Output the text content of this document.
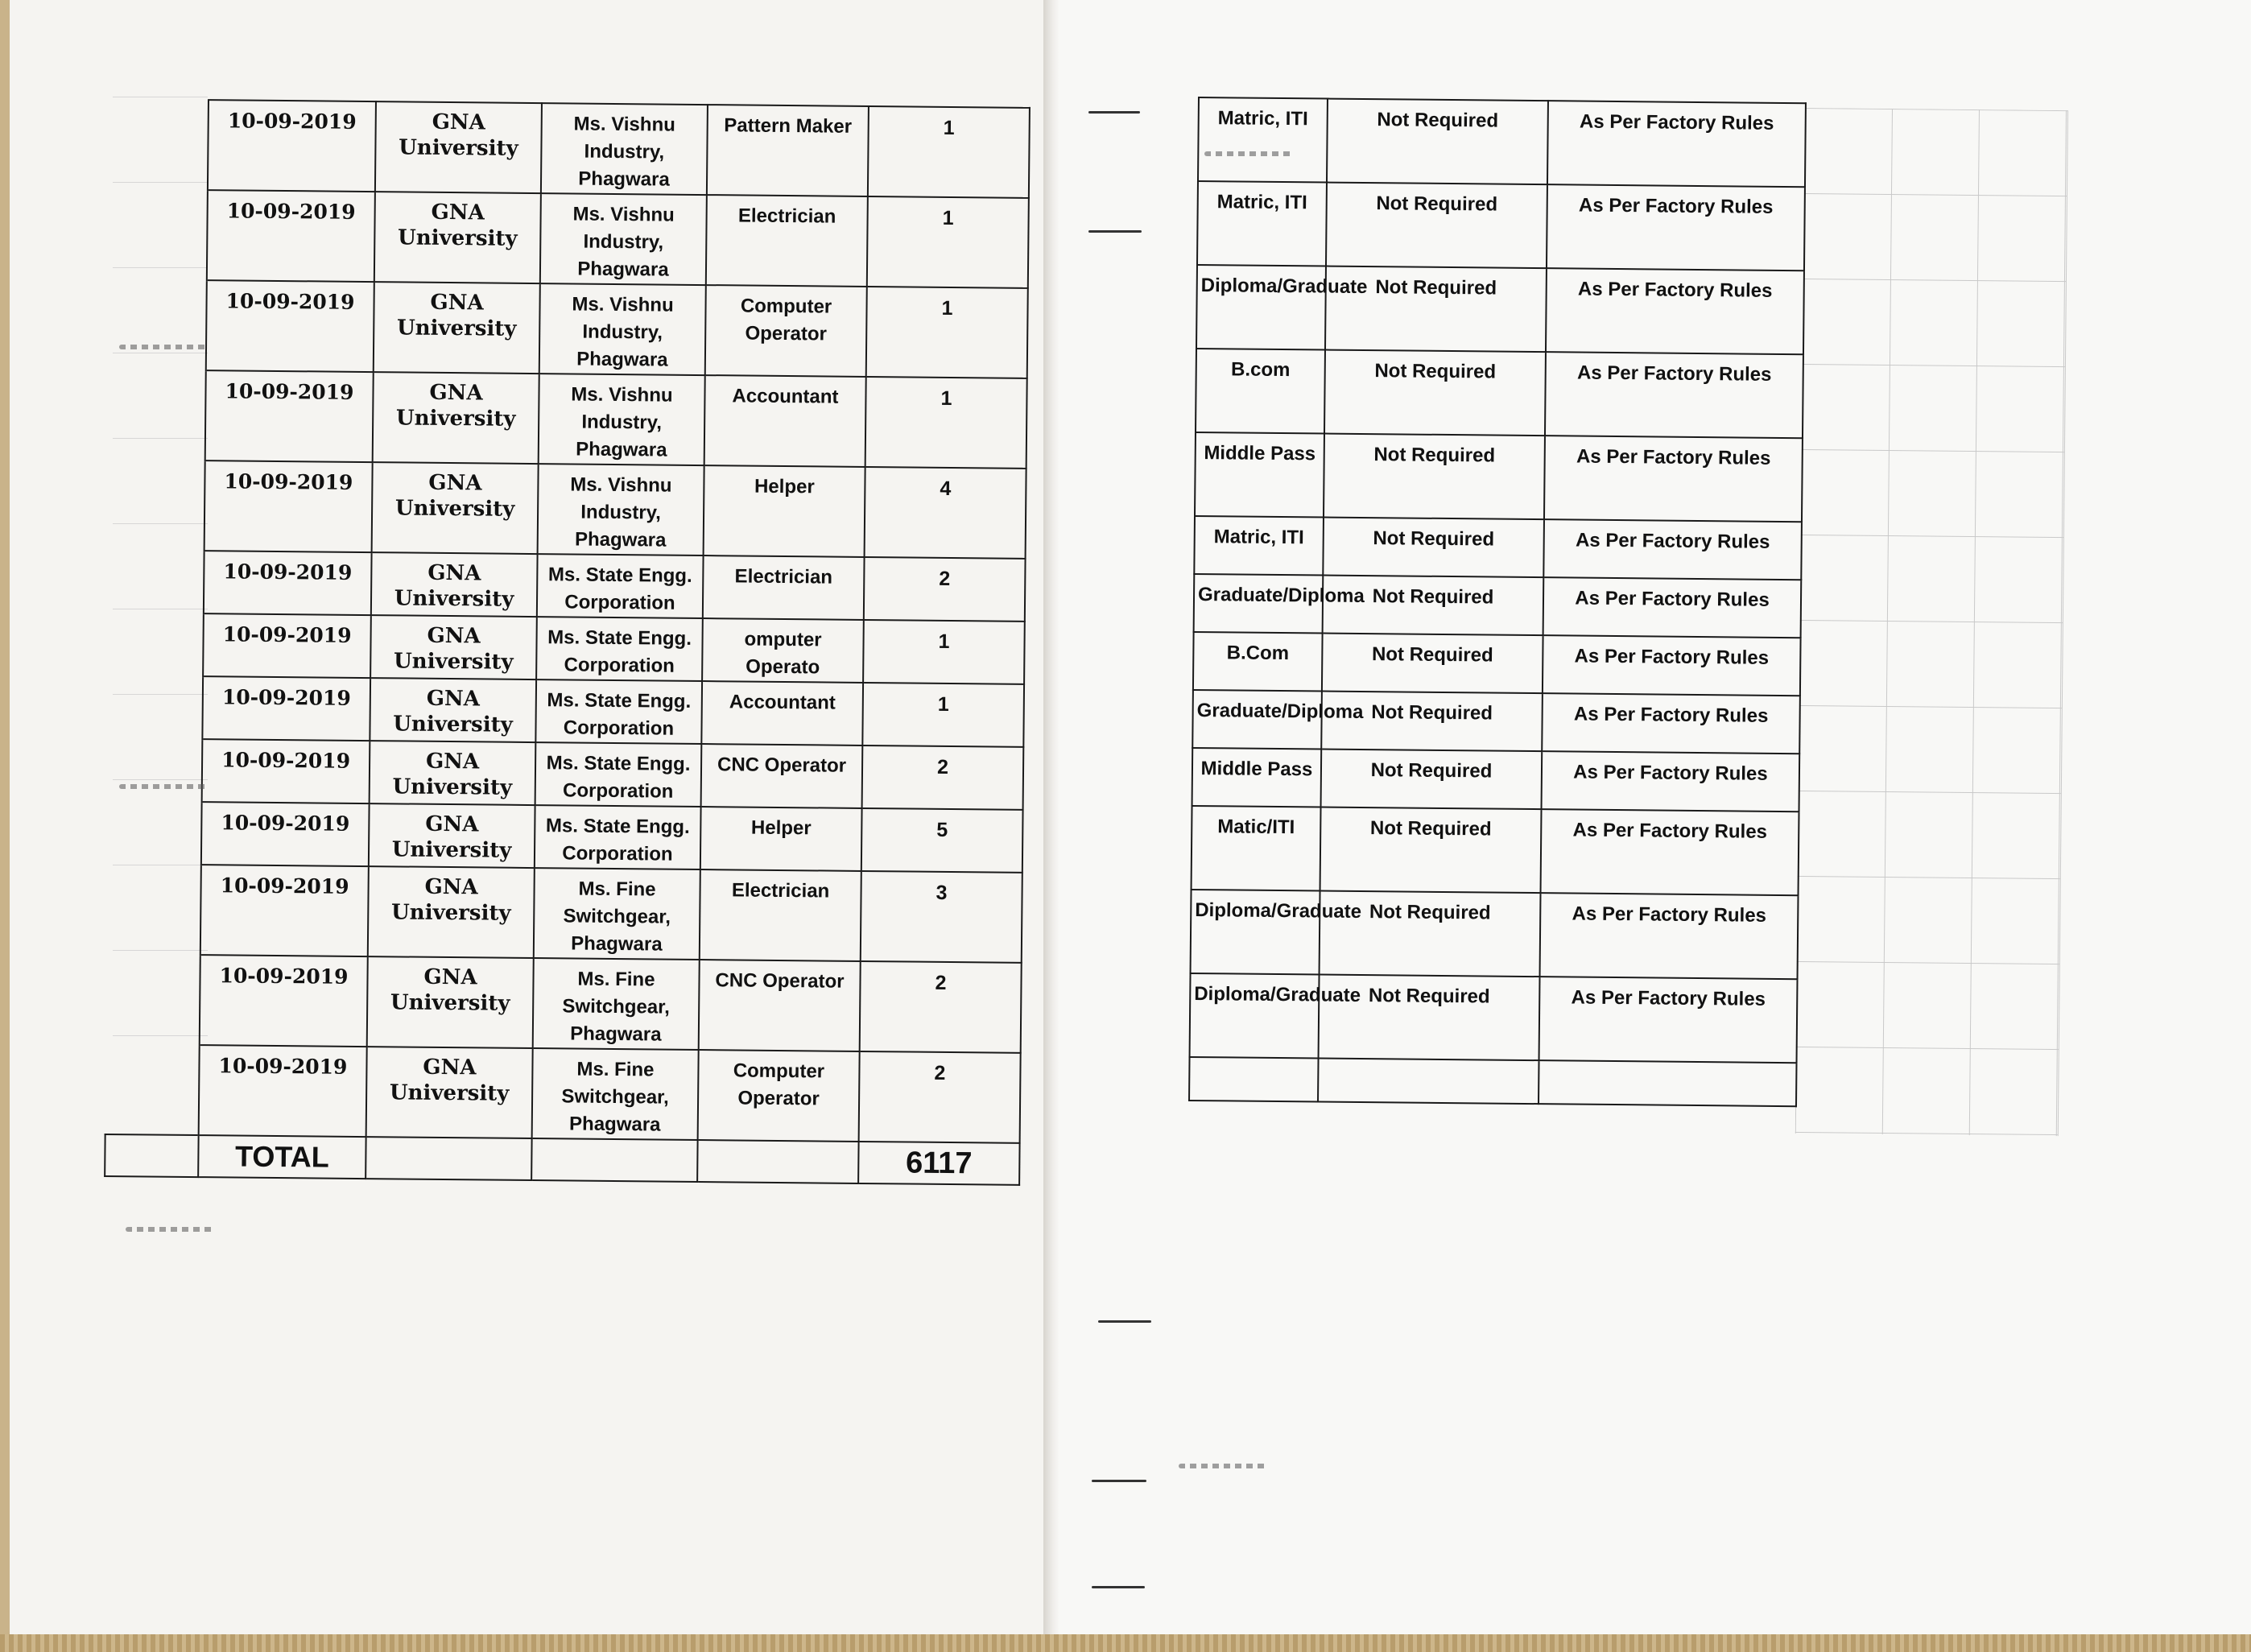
	10-09-2019	GNA University	Ms. Vishnu Industry, Phagwara	Pattern Maker	1
	10-09-2019	GNA University	Ms. Vishnu Industry, Phagwara	Electrician	1
	10-09-2019	GNA University	Ms. Vishnu Industry, Phagwara	Computer Operator	1
	10-09-2019	GNA University	Ms. Vishnu Industry, Phagwara	Accountant	1
	10-09-2019	GNA University	Ms. Vishnu Industry, Phagwara	Helper	4
	10-09-2019	GNA University	Ms. State Engg. Corporation	Electrician	2
	10-09-2019	GNA University	Ms. State Engg. Corporation	omputer Operato	1
	10-09-2019	GNA University	Ms. State Engg. Corporation	Accountant	1
	10-09-2019	GNA University	Ms. State Engg. Corporation	CNC Operator	2
	10-09-2019	GNA University	Ms. State Engg. Corporation	Helper	5
	10-09-2019	GNA University	Ms. Fine Switchgear, Phagwara	Electrician	3
	10-09-2019	GNA University	Ms. Fine Switchgear, Phagwara	CNC Operator	2
	10-09-2019	GNA University	Ms. Fine Switchgear, Phagwara	Computer Operator	2
	TOTAL				6117
Matric, ITI	Not Required	As Per Factory Rules
Matric, ITI	Not Required	As Per Factory Rules
Diploma/Graduate	Not Required	As Per Factory Rules
B.com	Not Required	As Per Factory Rules
Middle Pass	Not Required	As Per Factory Rules
Matric, ITI	Not Required	As Per Factory Rules
Graduate/Diploma	Not Required	As Per Factory Rules
B.Com	Not Required	As Per Factory Rules
Graduate/Diploma	Not Required	As Per Factory Rules
Middle Pass	Not Required	As Per Factory Rules
Matic/ITI	Not Required	As Per Factory Rules
Diploma/Graduate	Not Required	As Per Factory Rules
Diploma/Graduate	Not Required	As Per Factory Rules
